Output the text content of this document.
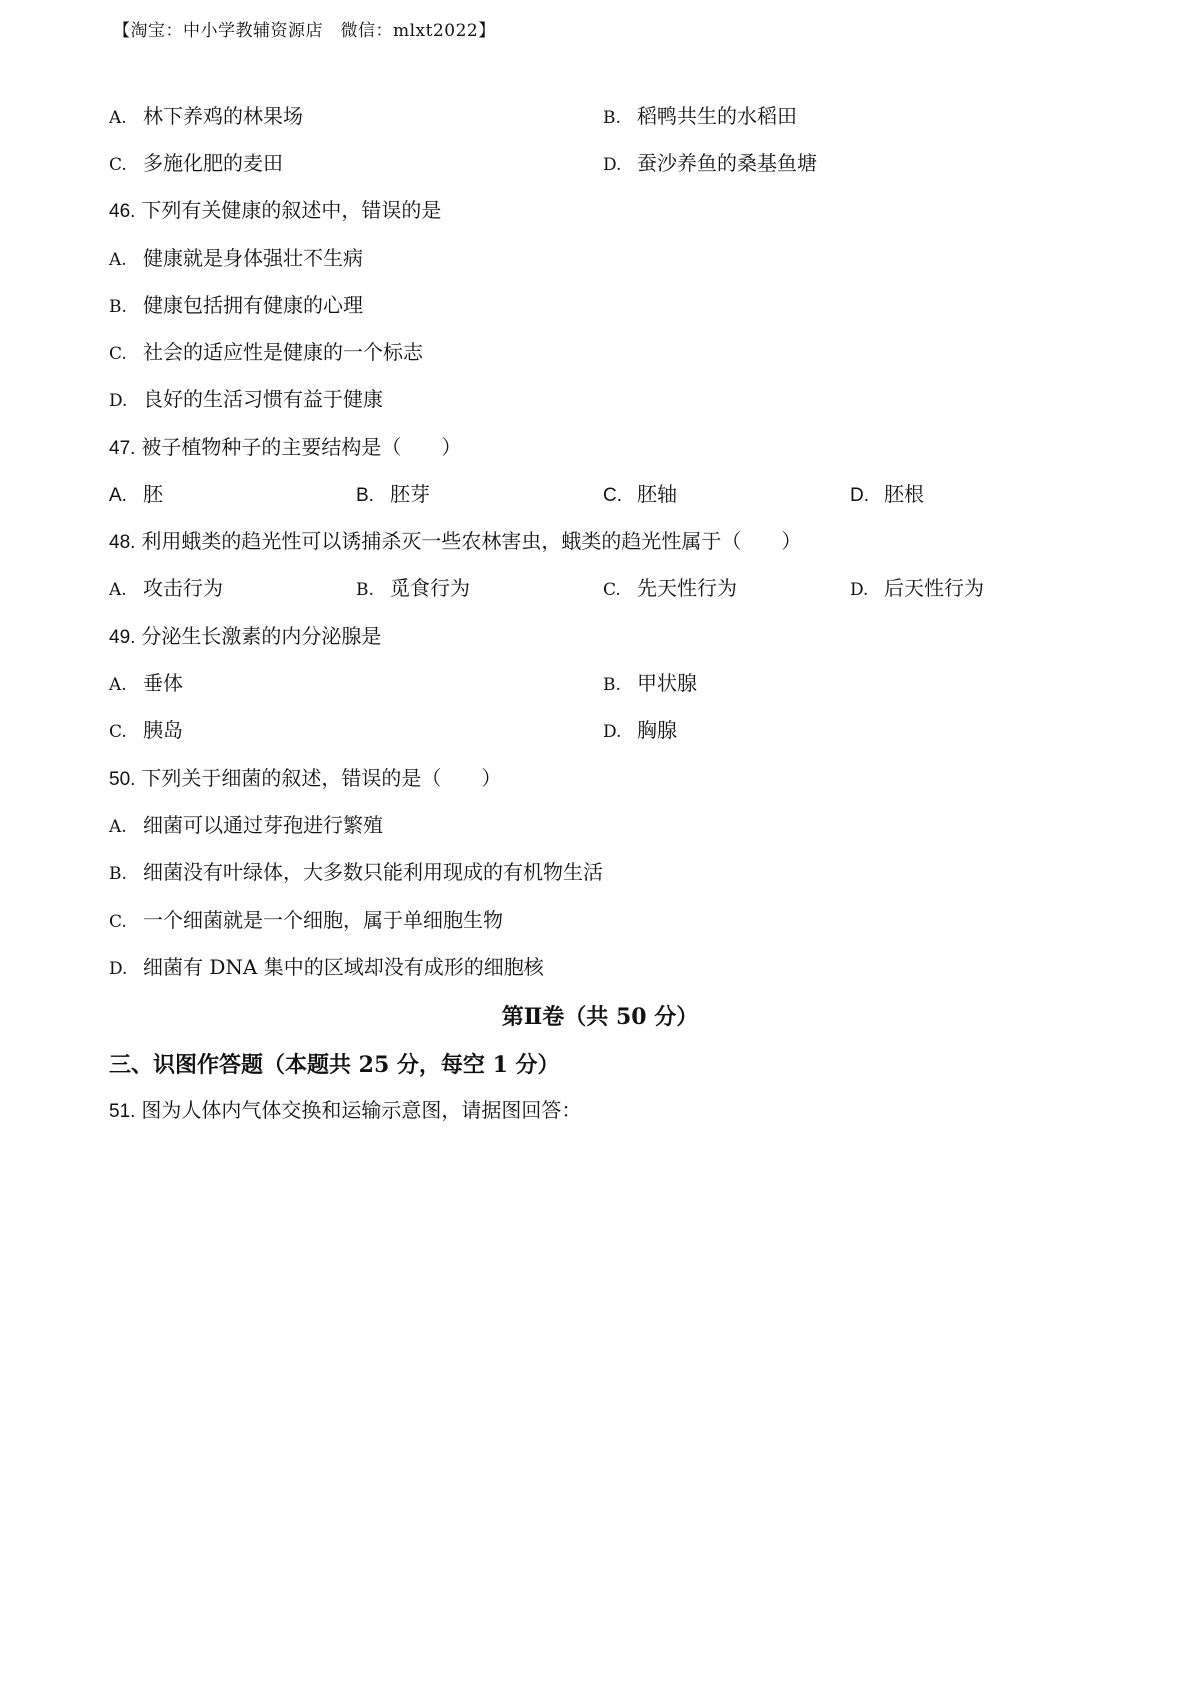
【淘宝：中小学教辅资源店　微信：mlxt2022】
A. 林下养鸡的林果场	B. 稻鸭共生的水稻田
C. 多施化肥的麦田	D. 蚕沙养鱼的桑基鱼塘
46. 下列有关健康的叙述中，错误的是
A. 健康就是身体强壮不生病
B. 健康包括拥有健康的心理
C. 社会的适应性是健康的一个标志
D. 良好的生活习惯有益于健康
47. 被子植物种子的主要结构是（　　）
A. 胚	B. 胚芽	C. 胚轴	D. 胚根
48. 利用蛾类的趋光性可以诱捕杀灭一些农林害虫，蛾类的趋光性属于（　　）
A. 攻击行为	B. 觅食行为	C. 先天性行为	D. 后天性行为
49. 分泌生长激素的内分泌腺是
A. 垂体	B. 甲状腺
C. 胰岛	D. 胸腺
50. 下列关于细菌的叙述，错误的是（　　）
A. 细菌可以通过芽孢进行繁殖
B. 细菌没有叶绿体，大多数只能利用现成的有机物生活
C. 一个细菌就是一个细胞，属于单细胞生物
D. 细菌有 DNA 集中的区域却没有成形的细胞核
第Ⅱ卷（共 50 分）
三、识图作答题（本题共 25 分，每空 1 分）
51. 图为人体内气体交换和运输示意图，请据图回答：
